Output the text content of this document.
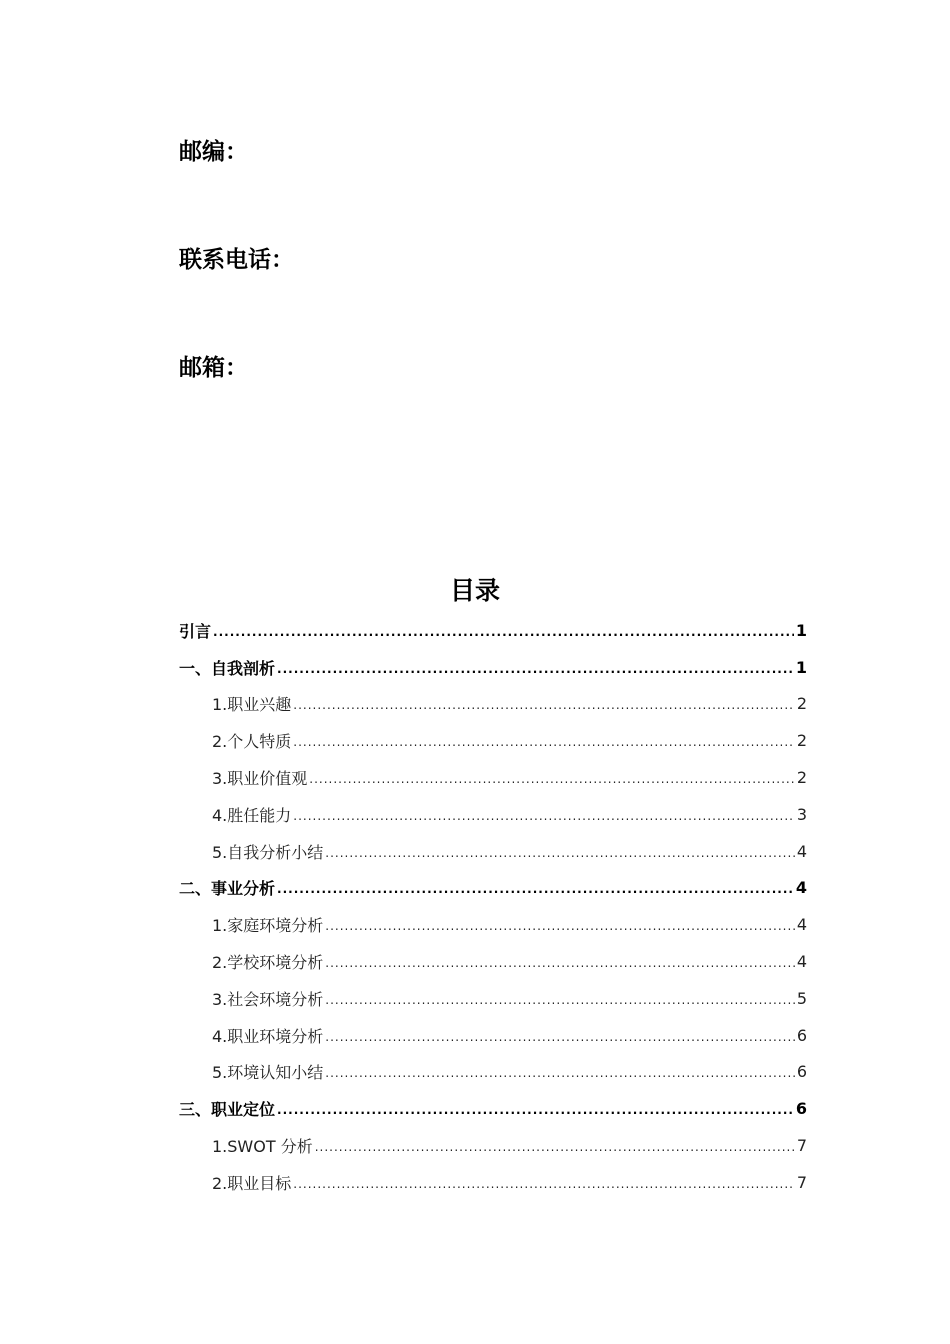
邮编：
联系电话：
邮箱：
目录
引言 .....	1
一、自我剖析 .....	1
1.职业兴趣 .....	2
2.个人特质 .....	2
3.职业价值观 .....	2
4.胜任能力 .....	3
5.自我分析小结 .....	4
二、事业分析 .....	4
1.家庭环境分析 .....	4
2.学校环境分析 .....	4
3.社会环境分析 .....	5
4.职业环境分析 .....	6
5.环境认知小结 .....	6
三、职业定位 .....	6
1.SWOT 分析 .....	7
2.职业目标 .....	7
